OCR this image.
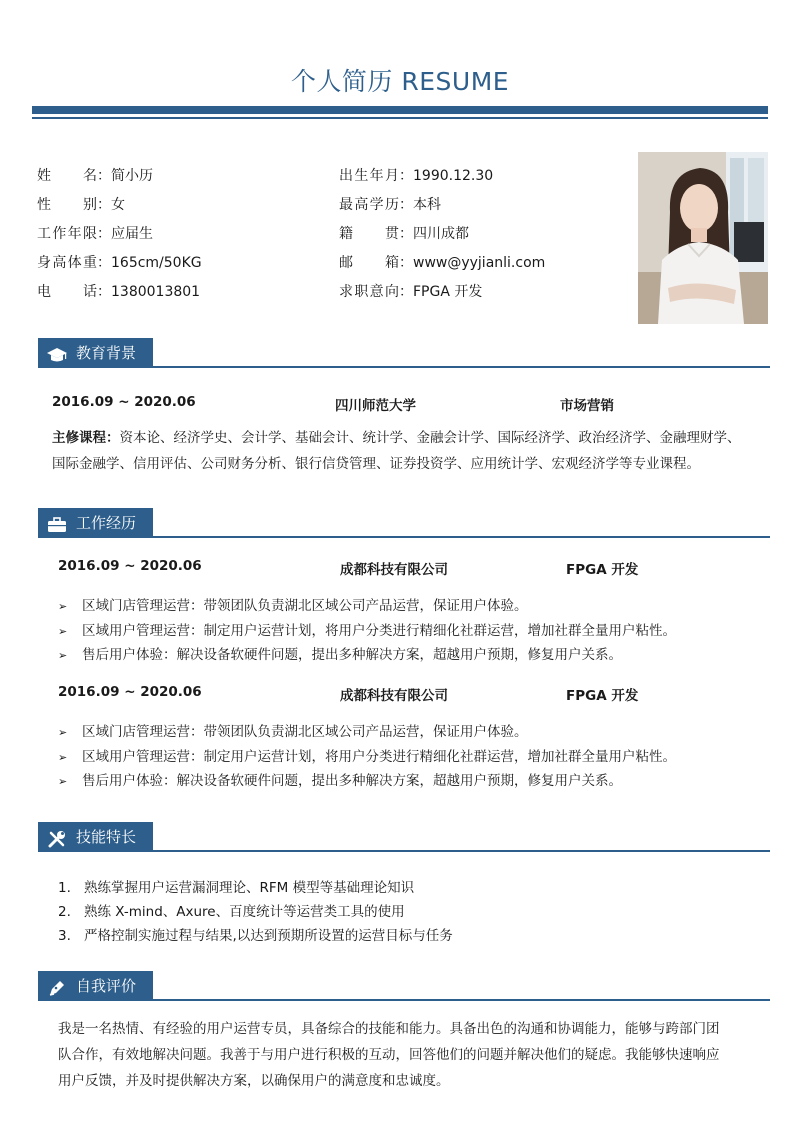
个人简历 RESUME
姓名：简小历
性别：女
工作年限：应届生
身高体重：165cm/50KG
电话：1380013801
出生年月：1990.12.30
最高学历：本科
籍贯：四川成都
邮箱：www@yyjianli.com
求职意向：FPGA 开发
教育背景
2016.09 ~ 2020.06	四川师范大学	市场营销
主修课程：资本论、经济学史、会计学、基础会计、统计学、金融会计学、国际经济学、政治经济学、金融理财学、
国际金融学、信用评估、公司财务分析、银行信贷管理、证券投资学、应用统计学、宏观经济学等专业课程。
工作经历
2016.09 ~ 2020.06	成都科技有限公司	FPGA 开发
➢ 区域门店管理运营：带领团队负责湖北区域公司产品运营，保证用户体验。
➢ 区域用户管理运营：制定用户运营计划，将用户分类进行精细化社群运营，增加社群全量用户粘性。
➢ 售后用户体验：解决设备软硬件问题，提出多种解决方案，超越用户预期，修复用户关系。
2016.09 ~ 2020.06	成都科技有限公司	FPGA 开发
➢ 区域门店管理运营：带领团队负责湖北区域公司产品运营，保证用户体验。
➢ 区域用户管理运营：制定用户运营计划，将用户分类进行精细化社群运营，增加社群全量用户粘性。
➢ 售后用户体验：解决设备软硬件问题，提出多种解决方案，超越用户预期，修复用户关系。
技能特长
1. 熟练掌握用户运营漏洞理论、RFM 模型等基础理论知识
2. 熟练 X-mind、Axure、百度统计等运营类工具的使用
3. 严格控制实施过程与结果,以达到预期所设置的运营目标与任务
自我评价
我是一名热情、有经验的用户运营专员，具备综合的技能和能力。具备出色的沟通和协调能力，能够与跨部门团
队合作，有效地解决问题。我善于与用户进行积极的互动，回答他们的问题并解决他们的疑虑。我能够快速响应
用户反馈，并及时提供解决方案，以确保用户的满意度和忠诚度。
